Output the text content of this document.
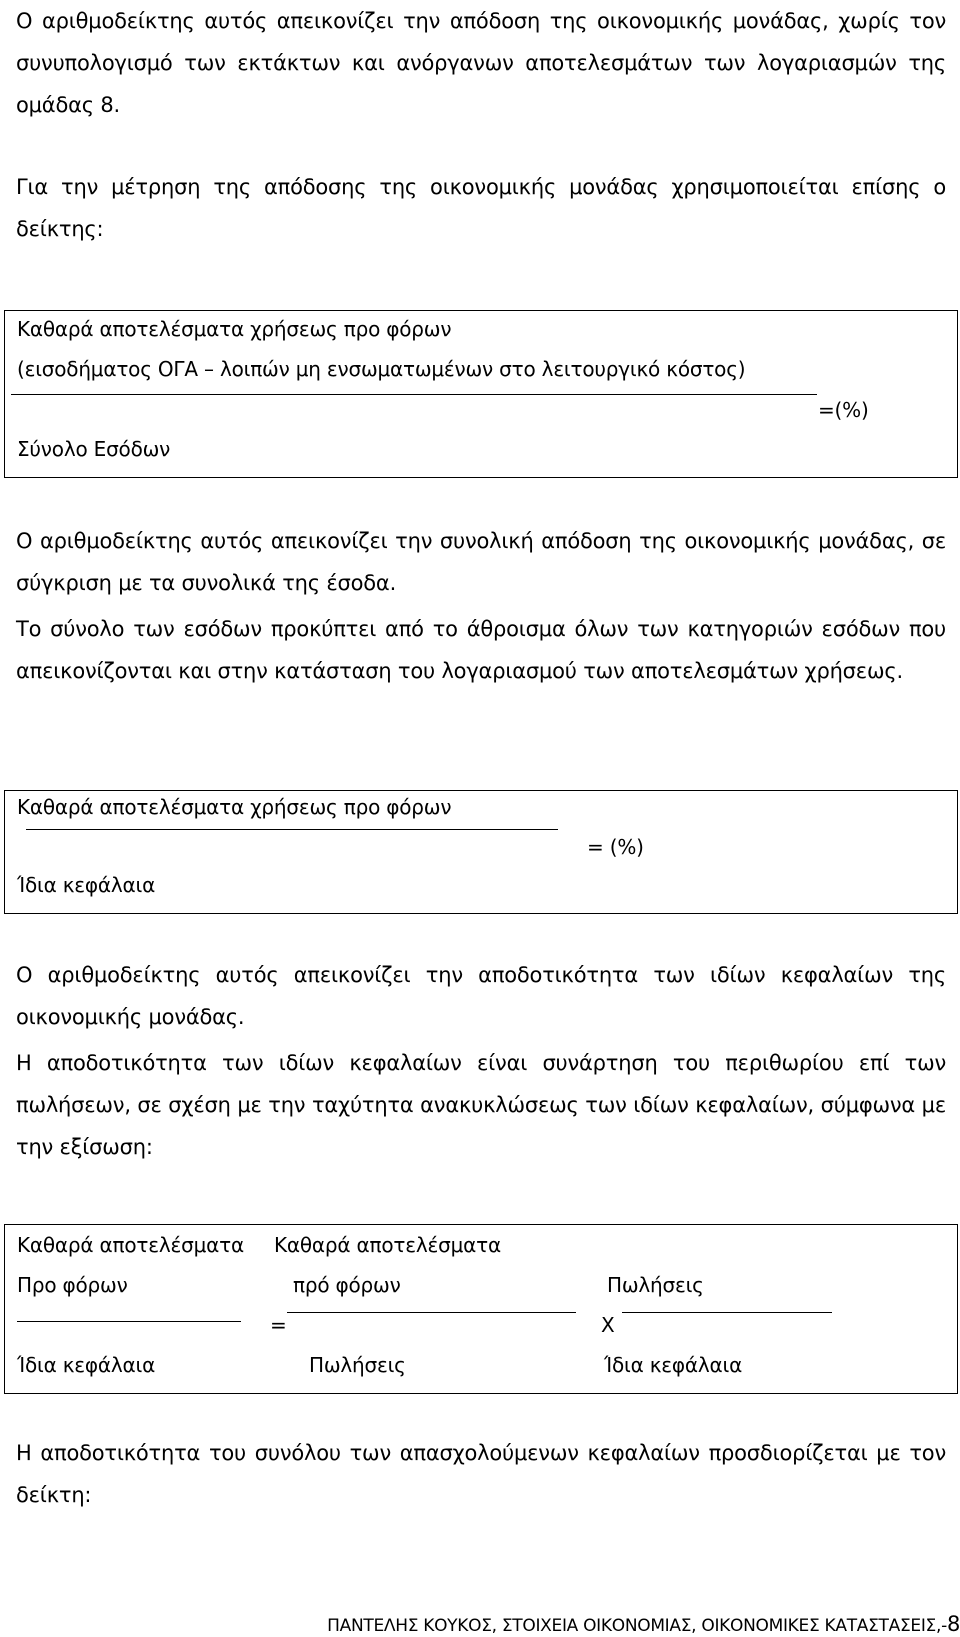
Ο αριθμοδείκτης αυτός απεικονίζει την απόδοση της οικονομικής μονάδας, χωρίς τον
συνυπολογισμό των εκτάκτων και ανόργανων αποτελεσμάτων των λογαριασμών της
ομάδας 8.
Για την μέτρηση της απόδοσης της οικονομικής μονάδας χρησιμοποιείται επίσης ο
δείκτης:
Καθαρά αποτελέσματα χρήσεως προ φόρων
(εισοδήματος ΟΓΑ – λοιπών μη ενσωματωμένων στο λειτουργικό κόστος)
=(%)
Σύνολο Εσόδων
Ο αριθμοδείκτης αυτός απεικονίζει την συνολική απόδοση της οικονομικής μονάδας, σε σύγκριση με τα συνολικά της έσοδα.
Το σύνολο των εσόδων προκύπτει από το άθροισμα όλων των κατηγοριών εσόδων που απεικονίζονται και στην κατάσταση του λογαριασμού των αποτελεσμάτων χρήσεως.
Καθαρά αποτελέσματα χρήσεως προ φόρων
= (%)
Ίδια κεφάλαια
Ο αριθμοδείκτης αυτός απεικονίζει την αποδοτικότητα των ιδίων κεφαλαίων της οικονομικής μονάδας.
Η αποδοτικότητα των ιδίων κεφαλαίων είναι συνάρτηση του περιθωρίου επί των πωλήσεων, σε σχέση με την ταχύτητα ανακυκλώσεως των ιδίων κεφαλαίων, σύμφωνα με την εξίσωση:
Καθαρά αποτελέσματα
Προ φόρων
Ίδια κεφάλαια
=
Καθαρά αποτελέσματα
πρό φόρων
Πωλήσεις
Χ
Πωλήσεις
Ίδια κεφάλαια
Η αποδοτικότητα του συνόλου των απασχολούμενων κεφαλαίων προσδιορίζεται με τον δείκτη:
ΠΑΝΤΕΛΗΣ ΚΟΥΚΟΣ, ΣΤΟΙΧΕΙΑ ΟΙΚΟΝΟΜΙΑΣ, ΟΙΚΟΝΟΜΙΚΕΣ ΚΑΤΑΣΤΑΣΕΙΣ,-8
